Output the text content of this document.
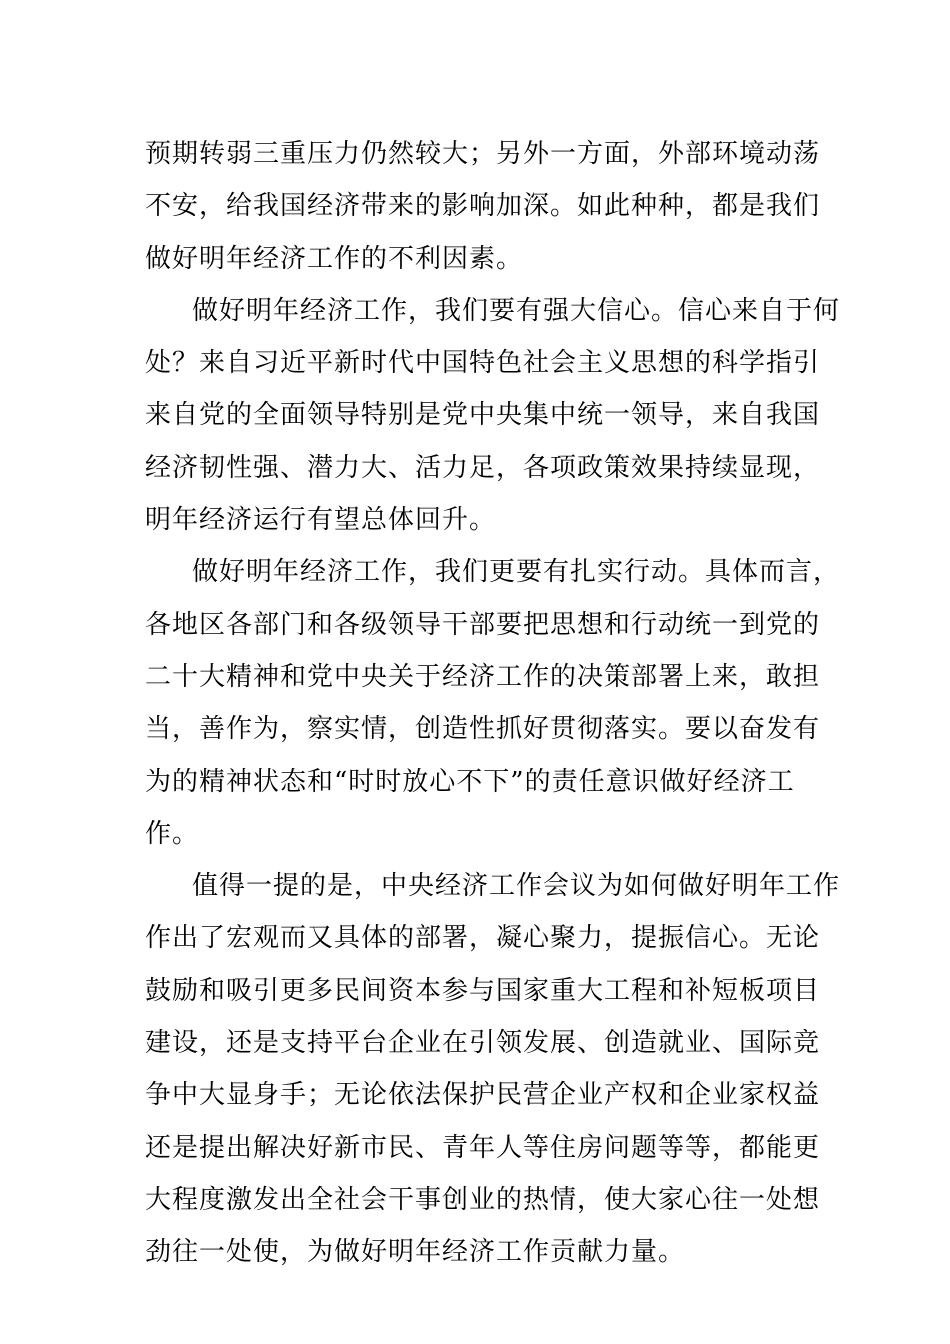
预期转弱三重压力仍然较大；另外一方面，外部环境动荡
不安，给我国经济带来的影响加深。如此种种，都是我们
做好明年经济工作的不利因素。
做好明年经济工作，我们要有强大信心。信心来自于何
处？来自习近平新时代中国特色社会主义思想的科学指引
来自党的全面领导特别是党中央集中统一领导，来自我国
经济韧性强、潜力大、活力足，各项政策效果持续显现，
明年经济运行有望总体回升。
做好明年经济工作，我们更要有扎实行动。具体而言，
各地区各部门和各级领导干部要把思想和行动统一到党的
二十大精神和党中央关于经济工作的决策部署上来，敢担
当，善作为，察实情，创造性抓好贯彻落实。要以奋发有
为的精神状态和“时时放心不下”的责任意识做好经济工
作。
值得一提的是，中央经济工作会议为如何做好明年工作
作出了宏观而又具体的部署，凝心聚力，提振信心。无论
鼓励和吸引更多民间资本参与国家重大工程和补短板项目
建设，还是支持平台企业在引领发展、创造就业、国际竞
争中大显身手；无论依法保护民营企业产权和企业家权益
还是提出解决好新市民、青年人等住房问题等等，都能更
大程度激发出全社会干事创业的热情，使大家心往一处想
劲往一处使，为做好明年经济工作贡献力量。
